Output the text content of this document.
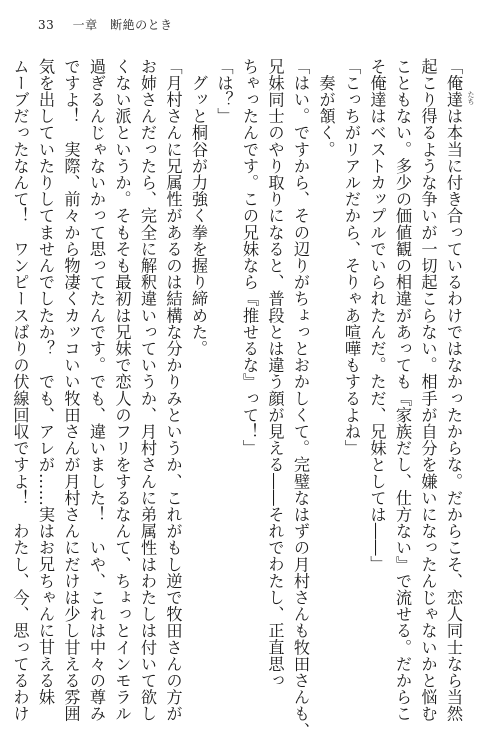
33 一章　断絶のとき
「俺達 たち
は本当に付き合っているわけではなかったからな。だからこそ、恋人同士なら当然
起こり得るような争いが一切起こらない。相手が自分を嫌いになったんじゃないかと悩む
こともない。多少の価値観の相違があっても『家族だし、仕方ない』で流せる。だからこ
そ俺達はベストカップルでいられたんだ。ただ、兄妹としては――」
「こっちがリアルだから、そりゃあ喧嘩もするよね」
　奏が頷く。
「はい。ですから、その辺りがちょっとおかしくて。完璧なはずの月村さんも牧田さんも、
兄妹同士のやり取りになると、普段とは違う顔が見える――それでわたし、正直思っ
ちゃったんです。この兄妹なら『推せるな』って！」
「は？」
　グッと桐谷が力強く拳を握り締めた。
「月村さんに兄属性があるのは結構な分かりみというか、これがもし逆で牧田さんの方が
お姉さんだったら、完全に解釈違いっていうか、月村さんに弟属性はわたしは付いて欲し
くない派というか。そもそも最初は兄妹で恋人のフリをするなんて、ちょっとインモラル
過ぎるんじゃないかって思ってたんです。でも、違いました！　いや、これは中々の尊み
ですよ！　実際、前々から物凄くカッコいい牧田さんが月村さんにだけは少し甘える雰囲
気を出していたりしてませんでしたか？　でも、アレが……実はお兄ちゃんに甘える妹
ムーブだったなんて！　ワンピースばりの伏線回収ですよ！　わたし、今、思ってるわけ
